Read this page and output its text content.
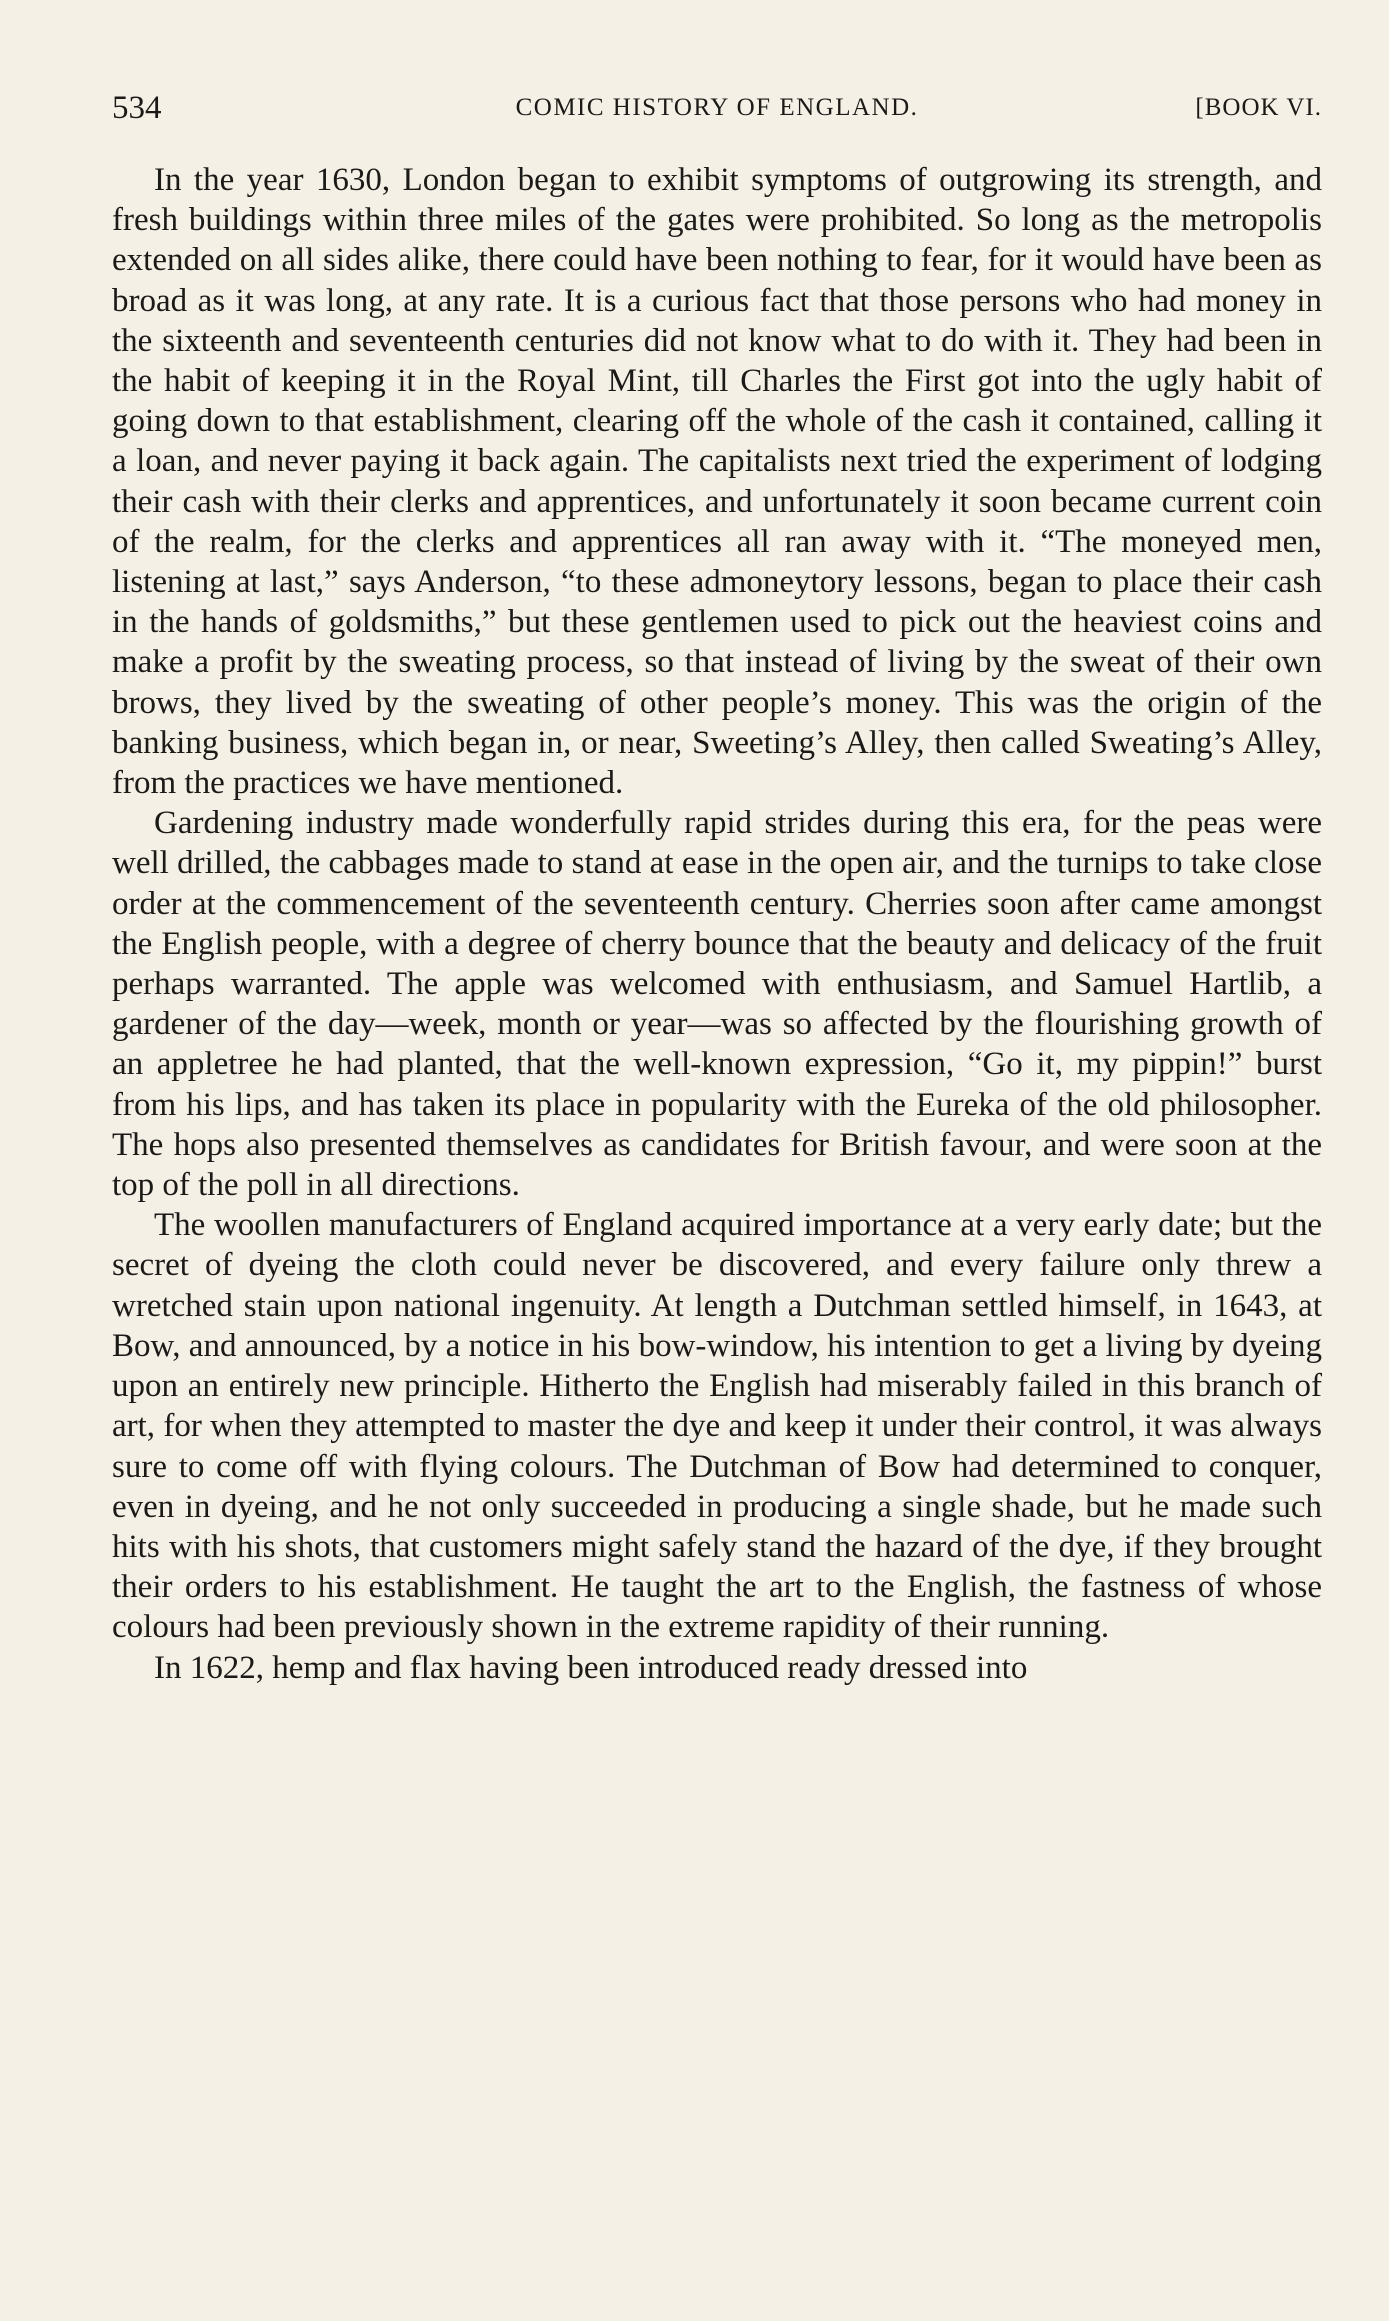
534	COMIC HISTORY OF ENGLAND.	[BOOK VI.

In the year 1630, London began to exhibit symptoms of outgrowing its strength, and fresh buildings within three miles of the gates were prohibited. So long as the metropolis extended on all sides alike, there could have been nothing to fear, for it would have been as broad as it was long, at any rate. It is a curious fact that those persons who had money in the sixteenth and seventeenth centuries did not know what to do with it. They had been in the habit of keeping it in the Royal Mint, till Charles the First got into the ugly habit of going down to that establishment, clearing off the whole of the cash it contained, calling it a loan, and never paying it back again. The capitalists next tried the experiment of lodging their cash with their clerks and apprentices, and unfortunately it soon became current coin of the realm, for the clerks and apprentices all ran away with it. “The moneyed men, listening at last,” says Anderson, “to these admoneytory lessons, began to place their cash in the hands of goldsmiths,” but these gentlemen used to pick out the heaviest coins and make a profit by the sweating process, so that instead of living by the sweat of their own brows, they lived by the sweating of other people’s money. This was the origin of the banking business, which began in, or near, Sweeting’s Alley, then called Sweating’s Alley, from the practices we have mentioned.

Gardening industry made wonderfully rapid strides during this era, for the peas were well drilled, the cabbages made to stand at ease in the open air, and the turnips to take close order at the commencement of the seventeenth century. Cherries soon after came amongst the English people, with a degree of cherry bounce that the beauty and delicacy of the fruit perhaps warranted. The apple was welcomed with enthusiasm, and Samuel Hartlib, a gardener of the day—week, month or year—was so affected by the flourishing growth of an appletree he had planted, that the well-known expression, “Go it, my pippin!” burst from his lips, and has taken its place in popularity with the Eureka of the old philosopher. The hops also presented themselves as candidates for British favour, and were soon at the top of the poll in all directions.

The woollen manufacturers of England acquired importance at a very early date; but the secret of dyeing the cloth could never be discovered, and every failure only threw a wretched stain upon national ingenuity. At length a Dutchman settled himself, in 1643, at Bow, and announced, by a notice in his bow-window, his intention to get a living by dyeing upon an entirely new principle. Hitherto the English had miserably failed in this branch of art, for when they attempted to master the dye and keep it under their control, it was always sure to come off with flying colours. The Dutchman of Bow had determined to conquer, even in dyeing, and he not only succeeded in producing a single shade, but he made such hits with his shots, that customers might safely stand the hazard of the dye, if they brought their orders to his establishment. He taught the art to the English, the fastness of whose colours had been previously shown in the extreme rapidity of their running.

In 1622, hemp and flax having been introduced ready dressed into
